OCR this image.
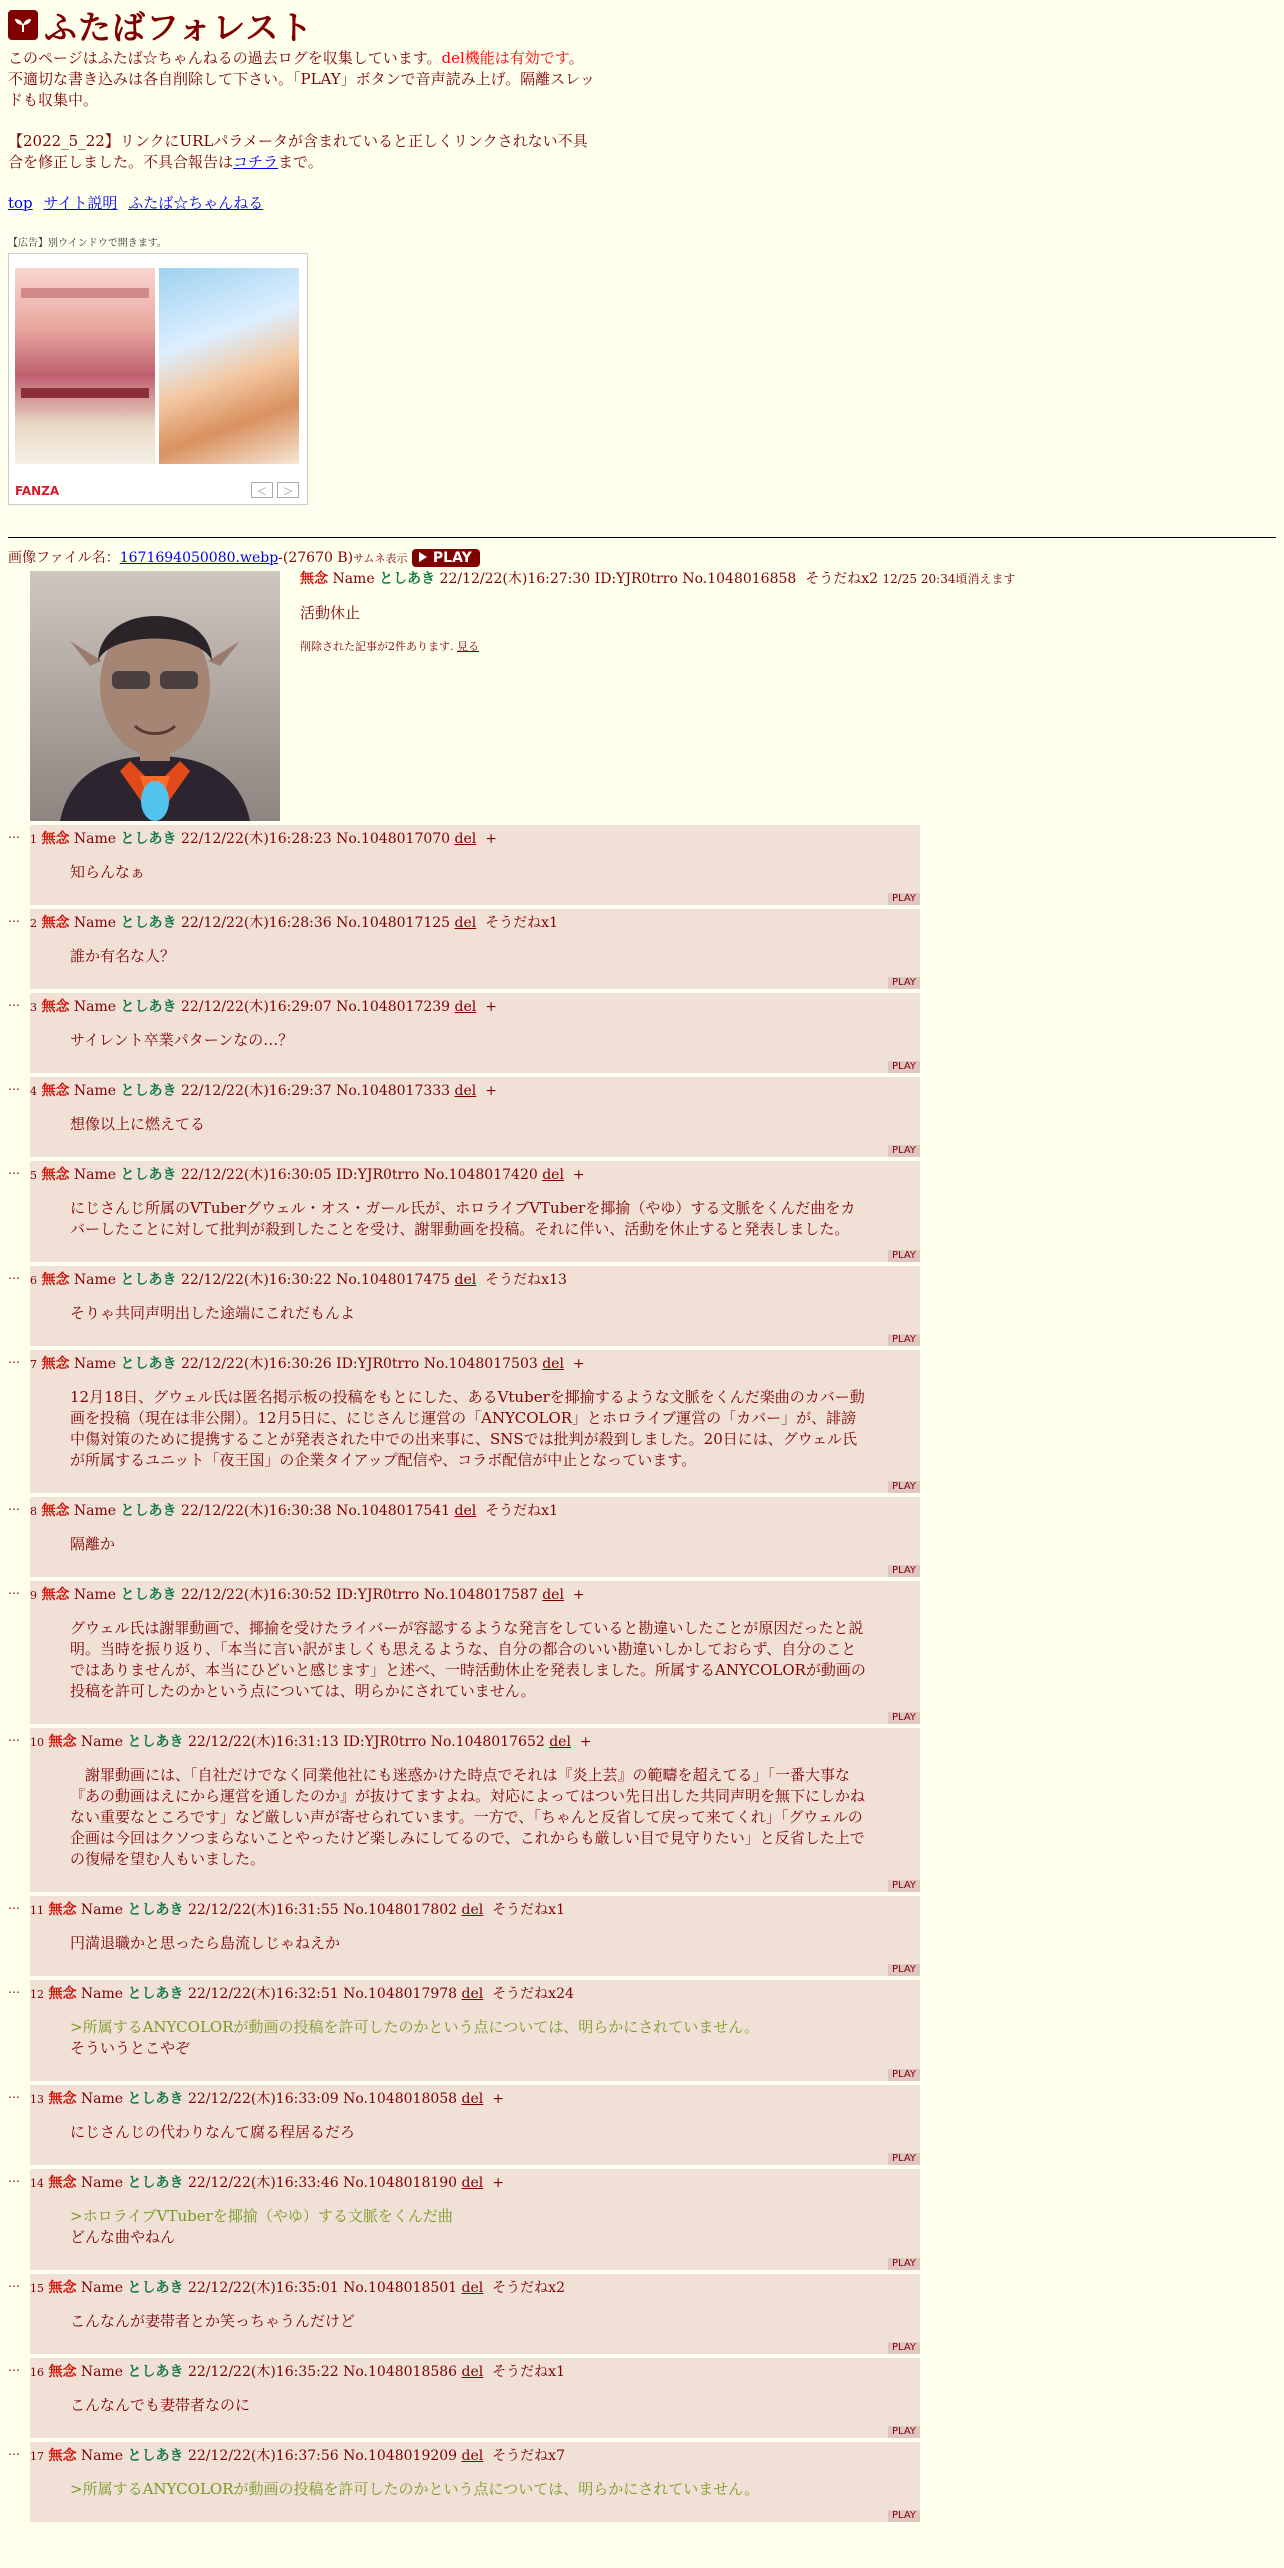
ふたばフォレスト
このページはふたば☆ちゃんねるの過去ログを収集しています。del機能は有効です。不適切な書き込みは各自削除して下さい。「PLAY」ボタンで音声読み上げ。隔離スレッドも収集中。
【2022_5_22】リンクにURLパラメータが含まれていると正しくリンクされない不具合を修正しました。不具合報告はコチラまで。
top サイト説明 ふたば☆ちゃんねる
【広告】別ウインドウで開きます。
FANZA	＜	＞
画像ファイル名：1671694050080.webp-(27670 B)サムネ表示 PLAY
無念 Name としあき 22/12/22(木)16:27:30 ID:YJR0trro No.1048016858 そうだねx2 12/25 20:34頃消えます
活動休止
削除された記事が2件あります. 見る
… 1 無念 Name としあき 22/12/22(木)16:28:23 No.1048017070 del +
知らんなぁ
PLAY
… 2 無念 Name としあき 22/12/22(木)16:28:36 No.1048017125 del そうだねx1
誰か有名な人？
PLAY
… 3 無念 Name としあき 22/12/22(木)16:29:07 No.1048017239 del +
サイレント卒業パターンなの…？
PLAY
… 4 無念 Name としあき 22/12/22(木)16:29:37 No.1048017333 del +
想像以上に燃えてる
PLAY
… 5 無念 Name としあき 22/12/22(木)16:30:05 ID:YJR0trro No.1048017420 del +
にじさんじ所属のVTuberグウェル・オス・ガール氏が、ホロライブVTuberを揶揄（やゆ）する文脈をくんだ曲をカバーしたことに対して批判が殺到したことを受け、謝罪動画を投稿。それに伴い、活動を休止すると発表しました。
PLAY
… 6 無念 Name としあき 22/12/22(木)16:30:22 No.1048017475 del そうだねx13
そりゃ共同声明出した途端にこれだもんよ
PLAY
… 7 無念 Name としあき 22/12/22(木)16:30:26 ID:YJR0trro No.1048017503 del +
12月18日、グウェル氏は匿名掲示板の投稿をもとにした、あるVtuberを揶揄するような文脈をくんだ楽曲のカバー動画を投稿（現在は非公開）。12月5日に、にじさんじ運営の「ANYCOLOR」とホロライブ運営の「カバー」が、誹謗中傷対策のために提携することが発表された中での出来事に、SNSでは批判が殺到しました。20日には、グウェル氏が所属するユニット「夜王国」の企業タイアップ配信や、コラボ配信が中止となっています。
PLAY
… 8 無念 Name としあき 22/12/22(木)16:30:38 No.1048017541 del そうだねx1
隔離か
PLAY
… 9 無念 Name としあき 22/12/22(木)16:30:52 ID:YJR0trro No.1048017587 del +
グウェル氏は謝罪動画で、揶揄を受けたライバーが容認するような発言をしていると勘違いしたことが原因だったと説明。当時を振り返り、「本当に言い訳がましくも思えるような、自分の都合のいい勘違いしかしておらず、自分のことではありませんが、本当にひどいと感じます」と述べ、一時活動休止を発表しました。所属するANYCOLORが動画の投稿を許可したのかという点については、明らかにされていません。
PLAY
… 10 無念 Name としあき 22/12/22(木)16:31:13 ID:YJR0trro No.1048017652 del +
　謝罪動画には、「自社だけでなく同業他社にも迷惑かけた時点でそれは『炎上芸』の範疇を超えてる」「一番大事な『あの動画はえにから運営を通したのか』が抜けてますよね。対応によってはつい先日出した共同声明を無下にしかねない重要なところです」など厳しい声が寄せられています。一方で、「ちゃんと反省して戻って来てくれ」「グウェルの企画は今回はクソつまらないことやったけど楽しみにしてるので、これからも厳しい目で見守りたい」と反省した上での復帰を望む人もいました。
PLAY
… 11 無念 Name としあき 22/12/22(木)16:31:55 No.1048017802 del そうだねx1
円満退職かと思ったら島流しじゃねえか
PLAY
… 12 無念 Name としあき 22/12/22(木)16:32:51 No.1048017978 del そうだねx24
>所属するANYCOLORが動画の投稿を許可したのかという点については、明らかにされていません。
そういうとこやぞ
PLAY
… 13 無念 Name としあき 22/12/22(木)16:33:09 No.1048018058 del +
にじさんじの代わりなんて腐る程居るだろ
PLAY
… 14 無念 Name としあき 22/12/22(木)16:33:46 No.1048018190 del +
>ホロライブVTuberを揶揄（やゆ）する文脈をくんだ曲
どんな曲やねん
PLAY
… 15 無念 Name としあき 22/12/22(木)16:35:01 No.1048018501 del そうだねx2
こんなんが妻帯者とか笑っちゃうんだけど
PLAY
… 16 無念 Name としあき 22/12/22(木)16:35:22 No.1048018586 del そうだねx1
こんなんでも妻帯者なのに
PLAY
… 17 無念 Name としあき 22/12/22(木)16:37:56 No.1048019209 del そうだねx7
>所属するANYCOLORが動画の投稿を許可したのかという点については、明らかにされていません。
PLAY
